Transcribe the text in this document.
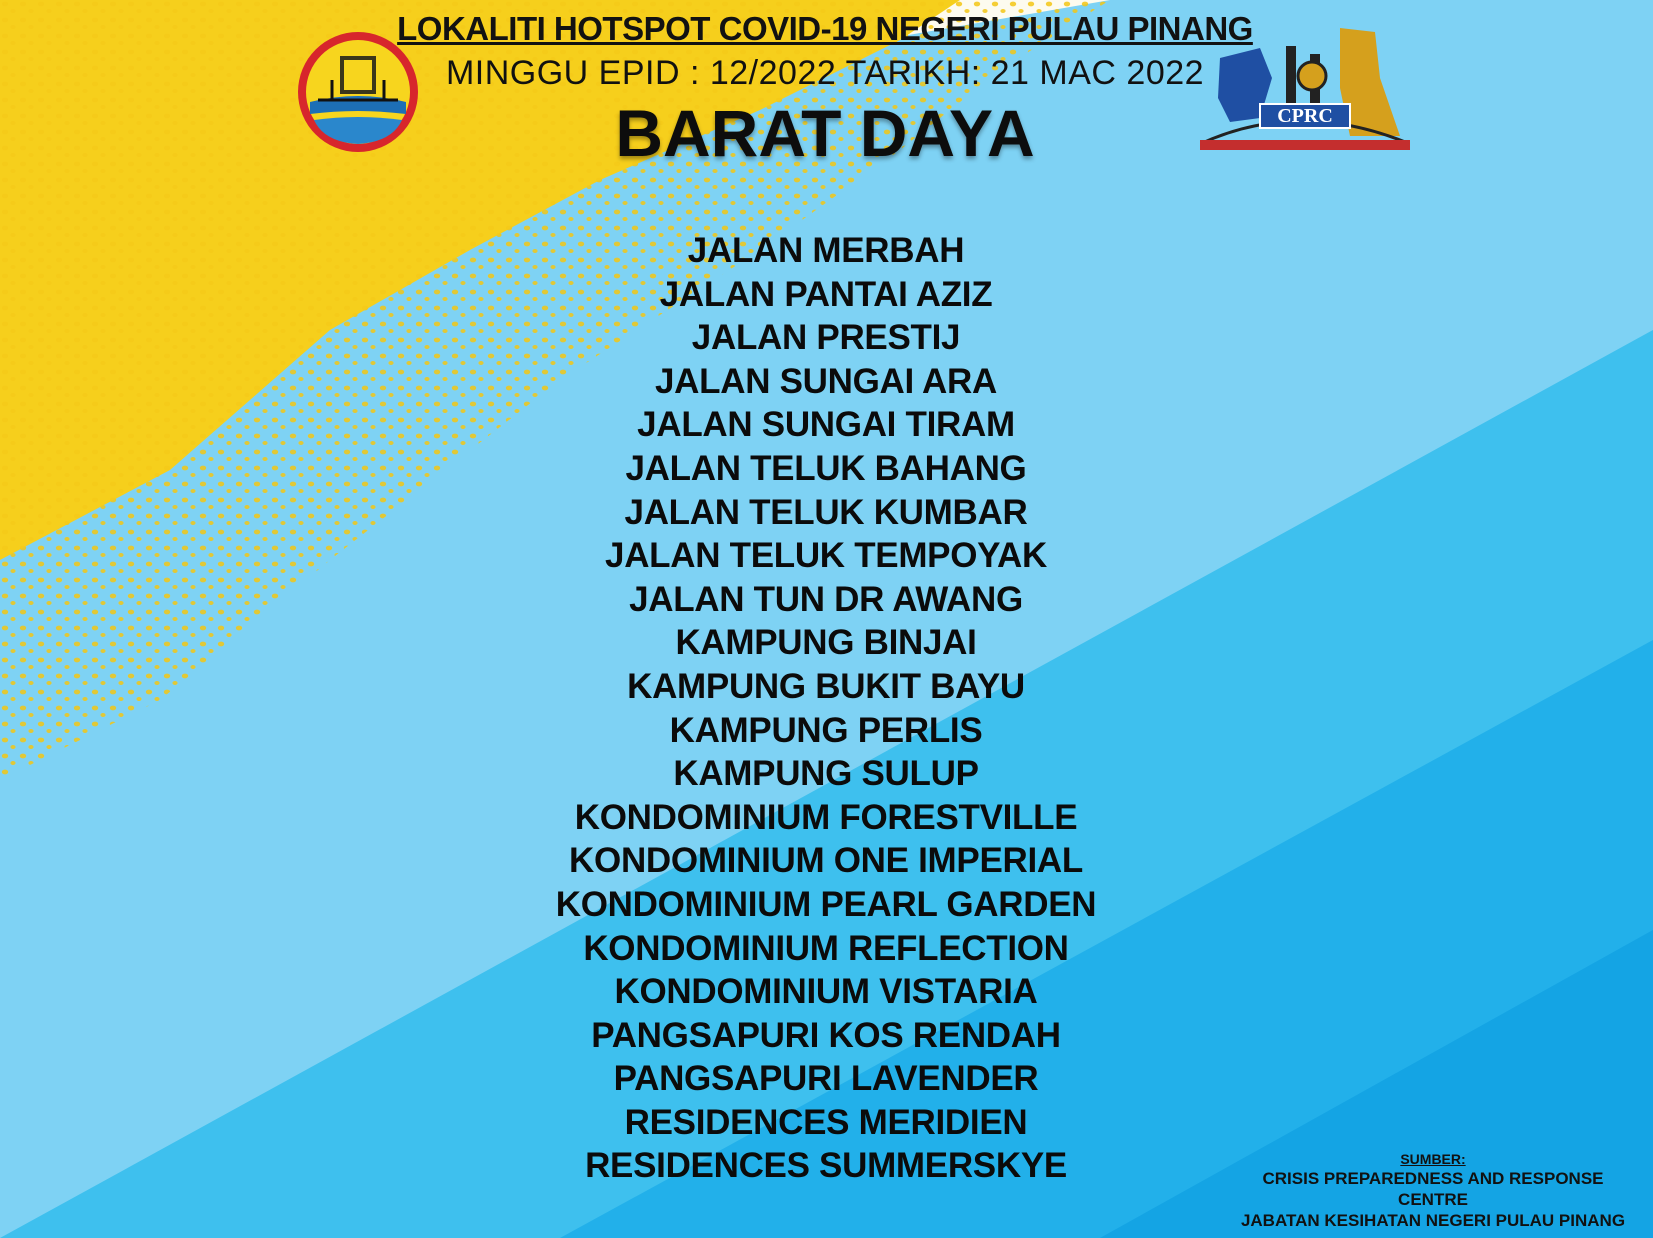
CPRC

LOKALITI HOTSPOT COVID-19 NEGERI PULAU PINANG

MINGGU EPID : 12/2022 TARIKH: 21 MAC 2022

BARAT DAYA

JALAN MERBAH
JALAN PANTAI AZIZ
JALAN PRESTIJ
JALAN SUNGAI ARA
JALAN SUNGAI TIRAM
JALAN TELUK BAHANG
JALAN TELUK KUMBAR
JALAN TELUK TEMPOYAK
JALAN TUN DR AWANG
KAMPUNG BINJAI
KAMPUNG BUKIT BAYU
KAMPUNG PERLIS
KAMPUNG SULUP
KONDOMINIUM FORESTVILLE
KONDOMINIUM ONE IMPERIAL
KONDOMINIUM PEARL GARDEN
KONDOMINIUM REFLECTION
KONDOMINIUM VISTARIA
PANGSAPURI KOS RENDAH
PANGSAPURI LAVENDER
RESIDENCES MERIDIEN
RESIDENCES SUMMERSKYE	SUMBER:
CRISIS PREPAREDNESS AND RESPONSE
CENTRE
JABATAN KESIHATAN NEGERI PULAU PINANG
